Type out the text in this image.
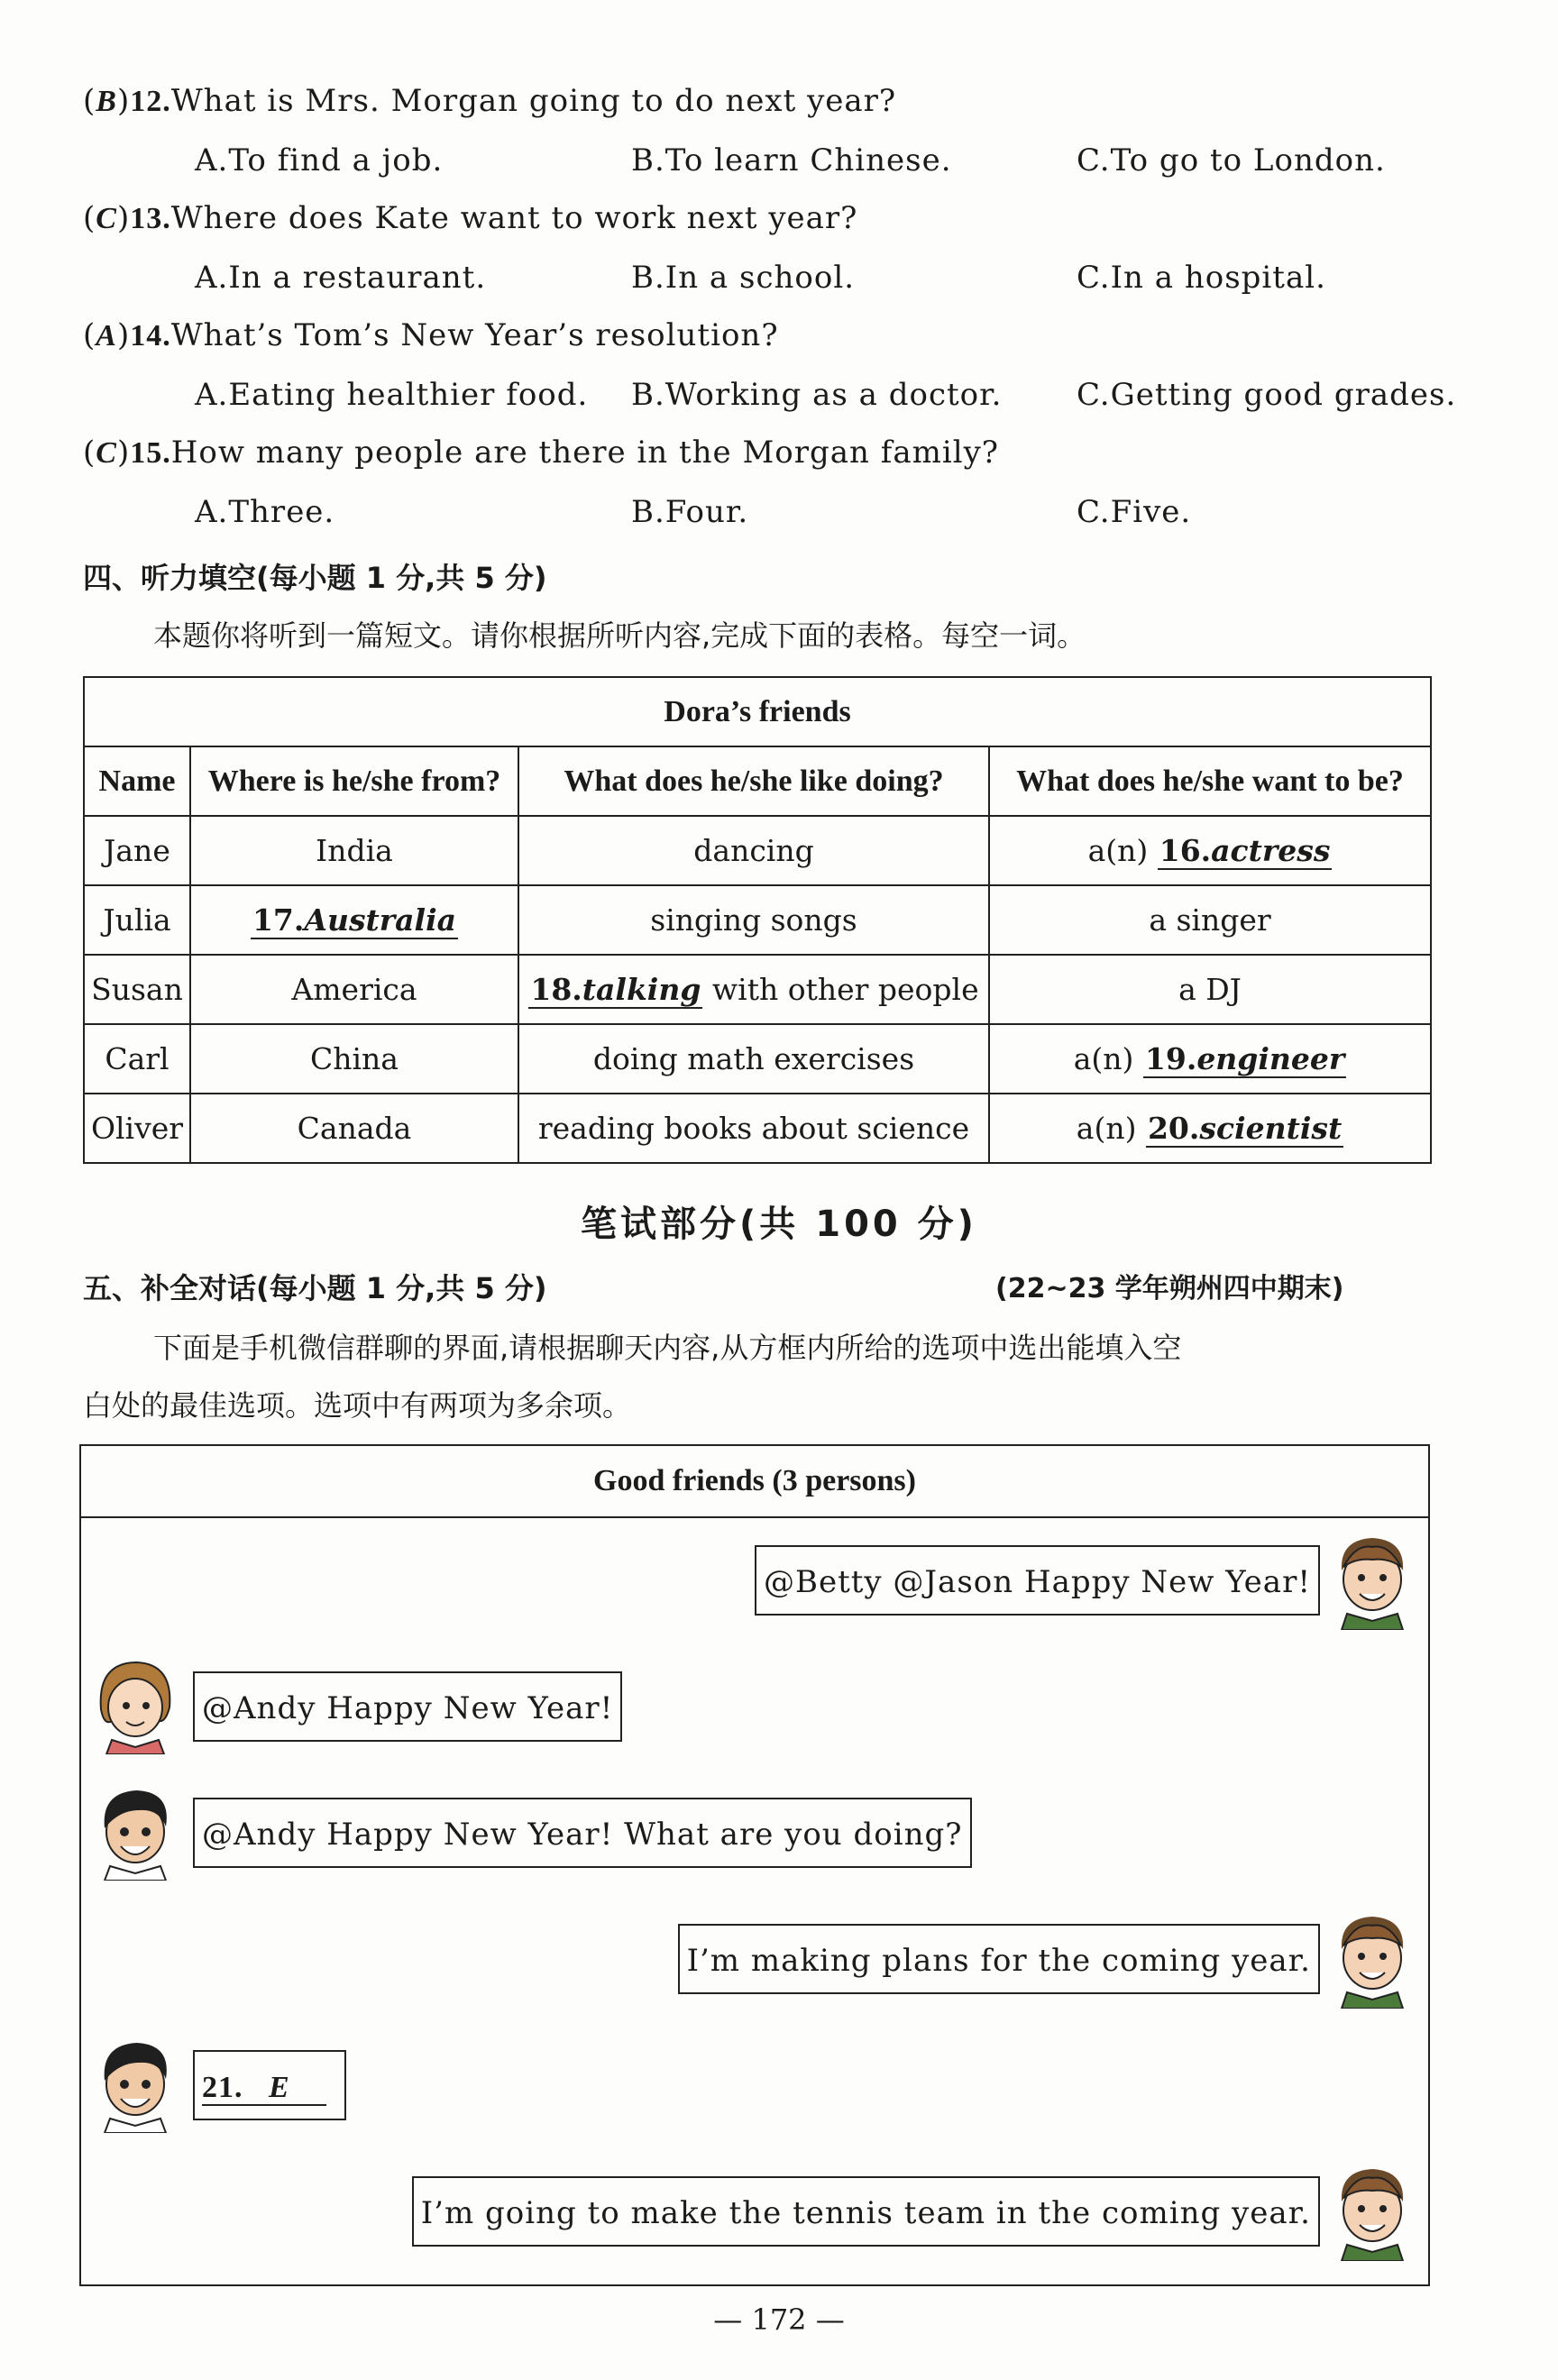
(B)12.What is Mrs. Morgan going to do next year?
A.To find a job.	B.To learn Chinese.	C.To go to London.
(C)13.Where does Kate want to work next year?
A.In a restaurant.	B.In a school.	C.In a hospital.
(A)14.What’s Tom’s New Year’s resolution?
A.Eating healthier food. B.Working as a doctor. C.Getting good grades.
(C)15.How many people are there in the Morgan family?
A.Three.	B.Four.	C.Five.
四、听力填空(每小题 1 分,共 5 分)
本题你将听到一篇短文。请你根据所听内容,完成下面的表格。每空一词。
Dora’s friends			
Name	Where is he/she from?	What does he/she like doing?	What does he/she want to be?
Jane	India	dancing	a(n) 16.actress
Julia	17.Australia	singing songs	a singer
Susan	America	18.talking with other people	a DJ
Carl	China	doing math exercises	a(n) 19.engineer
Oliver	Canada	reading books about science	a(n) 20.scientist
笔试部分(共 100 分)
五、补全对话(每小题 1 分,共 5 分)	(22~23 学年朔州四中期末)
下面是手机微信群聊的界面,请根据聊天内容,从方框内所给的选项中选出能填入空
白处的最佳选项。选项中有两项为多余项。
Good friends (3 persons)
@Betty @Jason Happy New Year!
@Andy Happy New Year!
@Andy Happy New Year! What are you doing?
I’m making plans for the coming year.
21. E
I’m going to make the tennis team in the coming year.
— 172 —
